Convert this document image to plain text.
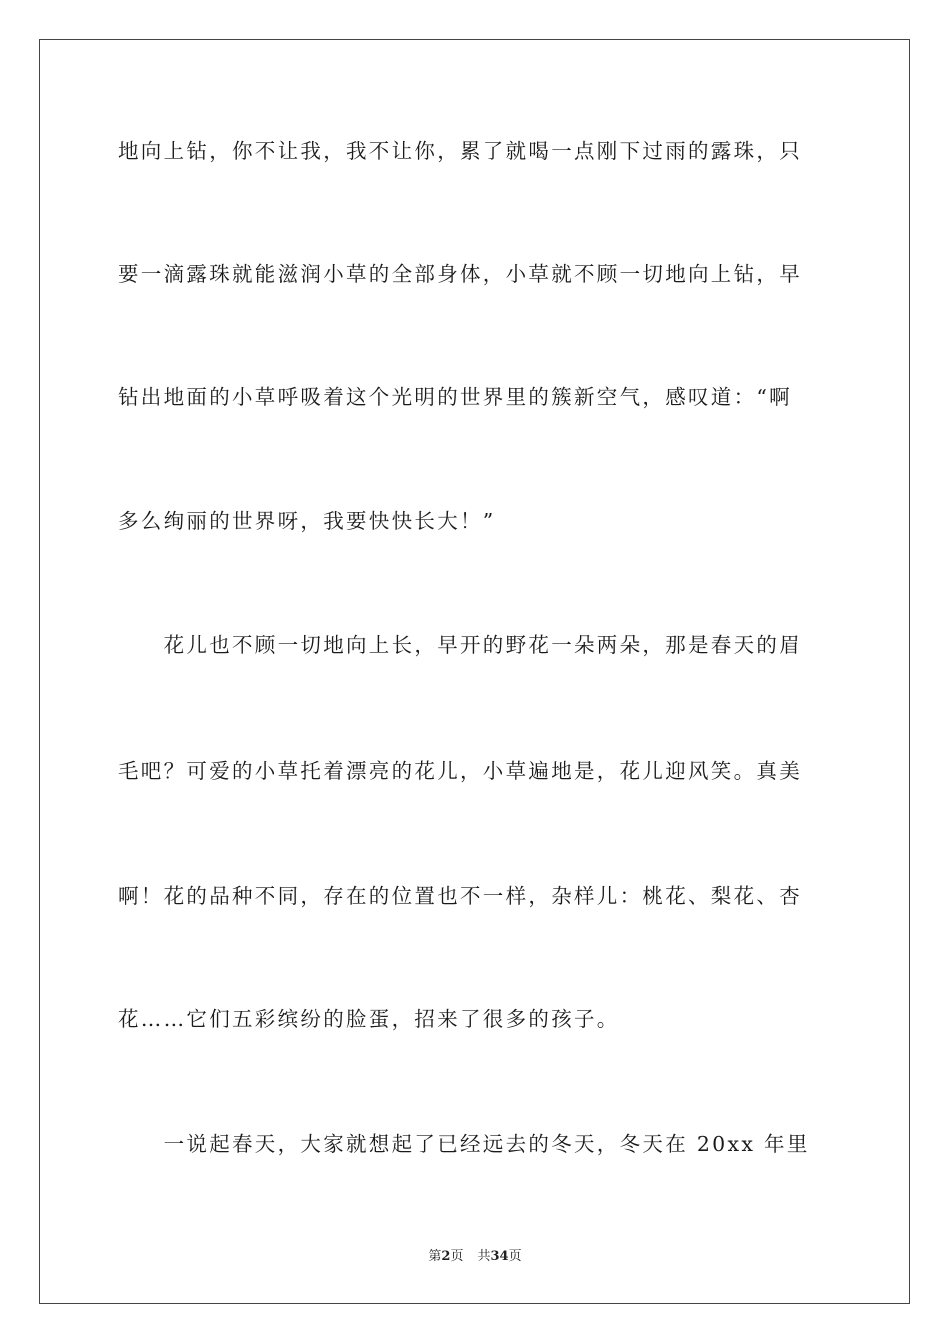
地向上钻，你不让我，我不让你，累了就喝一点刚下过雨的露珠，只
要一滴露珠就能滋润小草的全部身体，小草就不顾一切地向上钻，早
钻出地面的小草呼吸着这个光明的世界里的簇新空气，感叹道：“啊
多么绚丽的世界呀，我要快快长大！”
　　花儿也不顾一切地向上长，早开的野花一朵两朵，那是春天的眉
毛吧？可爱的小草托着漂亮的花儿，小草遍地是，花儿迎风笑。真美
啊！花的品种不同，存在的位置也不一样，杂样儿：桃花、梨花、杏
花……它们五彩缤纷的脸蛋，招来了很多的孩子。
　　一说起春天，大家就想起了已经远去的冬天，冬天在 20xx 年里
第2页 共34页
